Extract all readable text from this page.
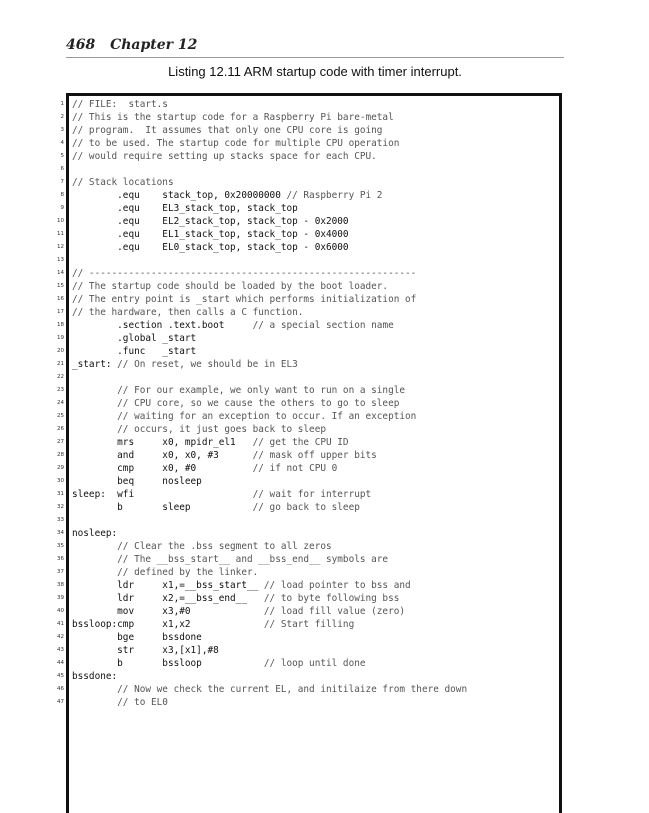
468 Chapter 12
Listing 12.11 ARM startup code with timer interrupt.
1
2
3
4
5
6
7
8
9
10
11
12
13
14
15
16
17
18
19
20
21
22
23
24
25
26
27
28
29
30
31
32
33
34
35
36
37
38
39
40
41
42
43
44
45
46
47
// FILE:  start.s
// This is the startup code for a Raspberry Pi bare-metal
// program.  It assumes that only one CPU core is going
// to be used. The startup code for multiple CPU operation
// would require setting up stacks space for each CPU.

// Stack locations
.equ    stack_top, 0x20000000 // Raspberry Pi 2
.equ    EL3_stack_top, stack_top
.equ    EL2_stack_top, stack_top - 0x2000
.equ    EL1_stack_top, stack_top - 0x4000
.equ    EL0_stack_top, stack_top - 0x6000

// ----------------------------------------------------------
// The startup code should be loaded by the boot loader.
// The entry point is _start which performs initialization of
// the hardware, then calls a C function.
.section .text.boot     // a special section name
.global _start
.func   _start
_start: // On reset, we should be in EL3

// For our example, we only want to run on a single
// CPU core, so we cause the others to go to sleep
// waiting for an exception to occur. If an exception
// occurs, it just goes back to sleep
mrs     x0, mpidr_el1   // get the CPU ID
and     x0, x0, #3      // mask off upper bits
cmp     x0, #0          // if not CPU 0
beq     nosleep
sleep:  wfi                     // wait for interrupt
b       sleep           // go back to sleep

nosleep:
// Clear the .bss segment to all zeros
// The __bss_start__ and __bss_end__ symbols are
// defined by the linker.
ldr     x1,=__bss_start__ // load pointer to bss and
ldr     x2,=__bss_end__   // to byte following bss
mov     x3,#0             // load fill value (zero)
bssloop:cmp     x1,x2             // Start filling
bge     bssdone
str     x3,[x1],#8
b       bssloop           // loop until done
bssdone:
// Now we check the current EL, and initilaize from there down
// to EL0
